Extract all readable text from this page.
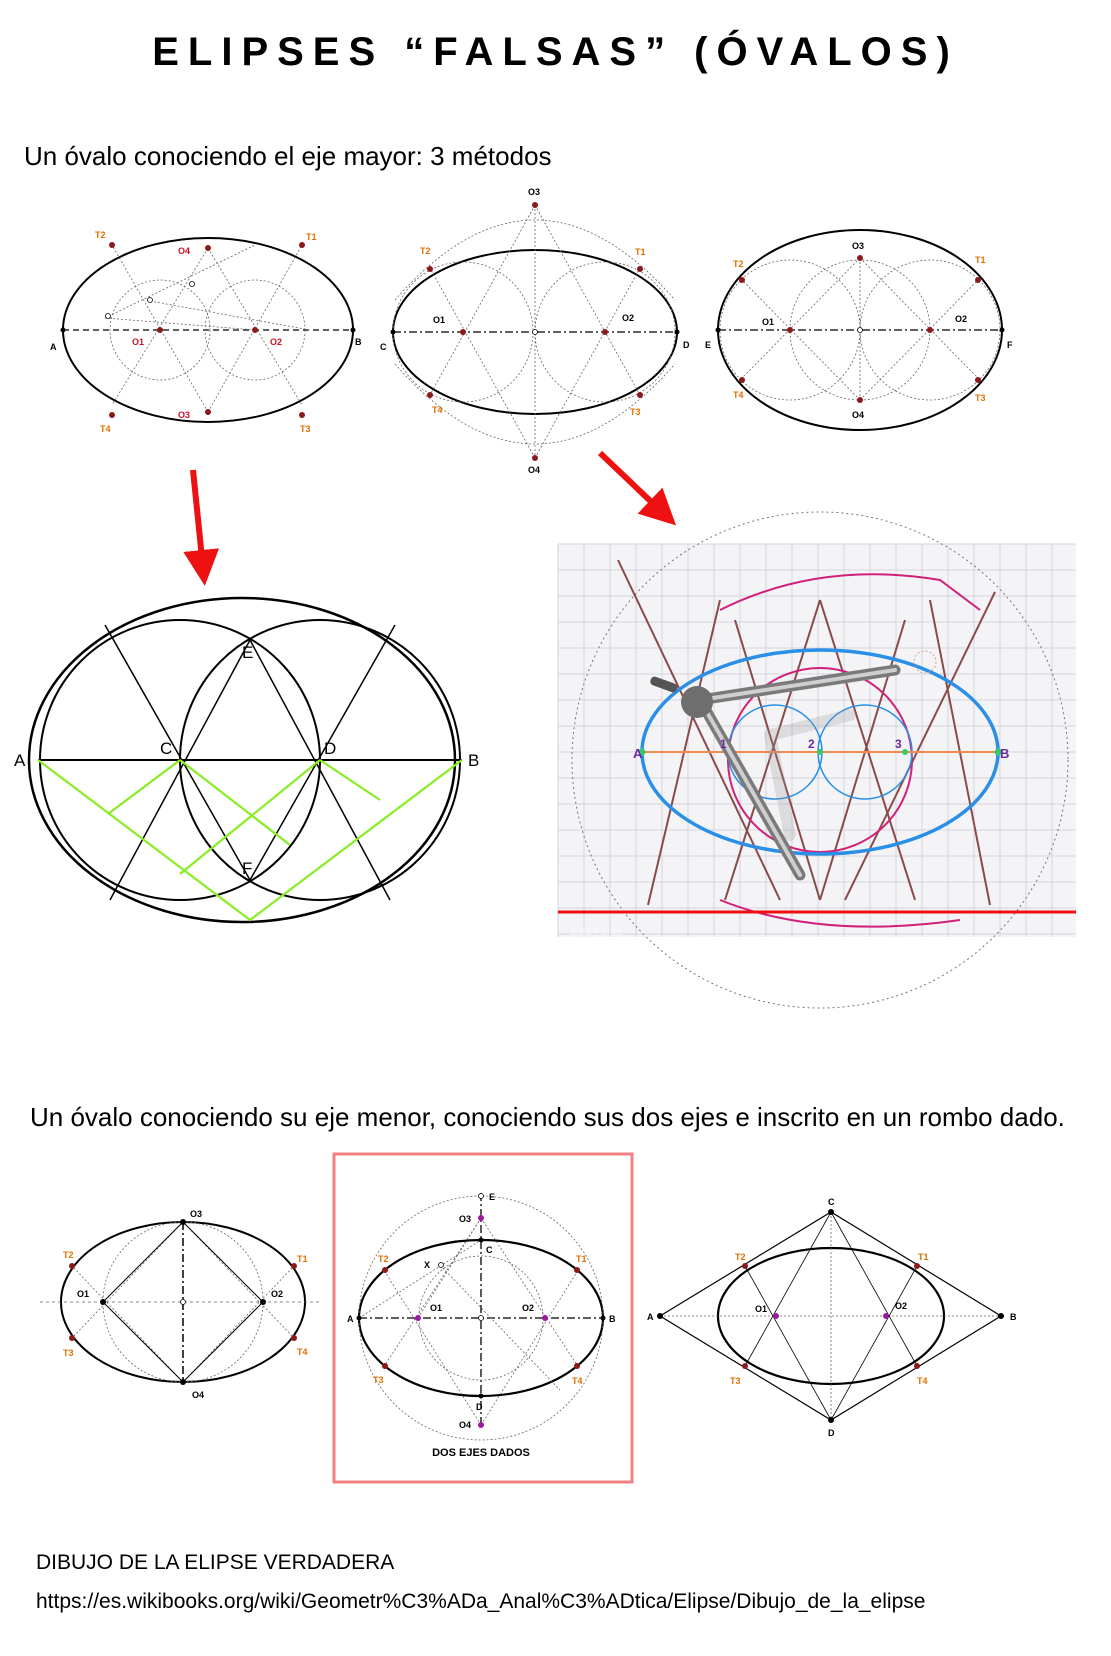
ELIPSES “FALSAS” (ÓVALOS)
Un óvalo conociendo el eje mayor: 3 métodos
A	B
O1	O2
O3
O4
T1
T2
T3
T4
C	D
O1	O2
O3
O4
T1
T2
T3
T4
E	F
O1	O2
O3
O4
T1
T2
T3
T4
A	B
C	D
E
F
A	B
1	2	3
2:31 / 2:45
O1	O2
O3
O4
T1
T2
T3	T4
A	B
C
D
E
X
O1	O2
O3
O4
T1
T2
T3	T4
DOS EJES DADOS
A	B
C
D
O1	O2
T1
T2
T3	T4
Un óvalo conociendo su eje menor, conociendo sus dos ejes e inscrito en un rombo dado.
DIBUJO DE LA ELIPSE VERDADERA
https://es.wikibooks.org/wiki/Geometr%C3%ADa_Anal%C3%ADtica/Elipse/Dibujo_de_la_elipse
